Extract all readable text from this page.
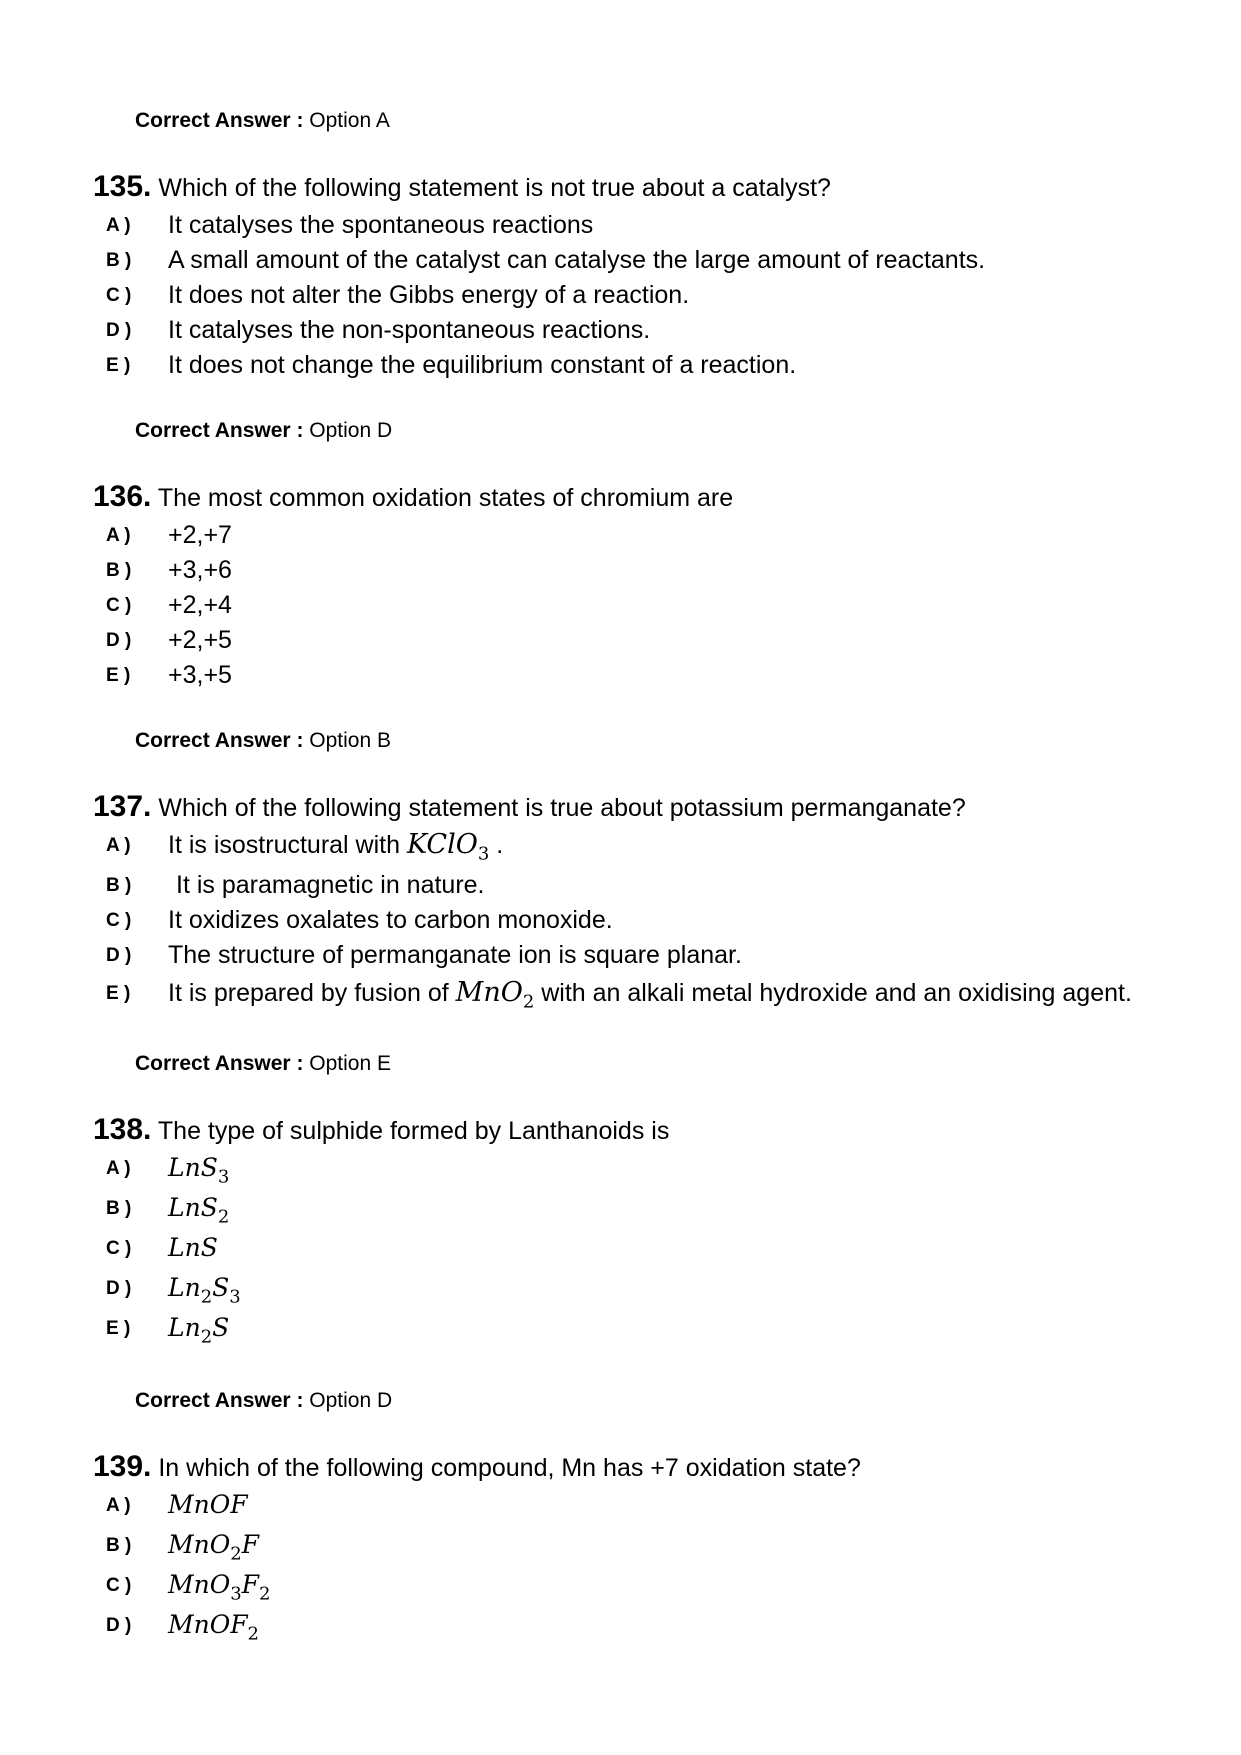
Correct Answer : Option A
135. Which of the following statement is not true about a catalyst?
A ) It catalyses the spontaneous reactions
B ) A small amount of the catalyst can catalyse the large amount of reactants.
C ) It does not alter the Gibbs energy of a reaction.
D ) It catalyses the non-spontaneous reactions.
E ) It does not change the equilibrium constant of a reaction.
Correct Answer : Option D
136. The most common oxidation states of chromium are
A ) +2,+7
B ) +3,+6
C ) +2,+4
D ) +2,+5
E ) +3,+5
Correct Answer : Option B
137. Which of the following statement is true about potassium permanganate?
A ) It is isostructural with KClO$_3$ .
B ) It is paramagnetic in nature.
C ) It oxidizes oxalates to carbon monoxide.
D ) The structure of permanganate ion is square planar.
E ) It is prepared by fusion of MnO$_2$ with an alkali metal hydroxide and an oxidising agent.
Correct Answer : Option E
138. The type of sulphide formed by Lanthanoids is
A ) LnS$_3$
B ) LnS$_2$
C ) LnS
D ) $Ln_2S_3$
E ) $Ln_2S$
Correct Answer : Option D
139. In which of the following compound, Mn has +7 oxidation state?
A ) MnOF
B ) MnO$_2$F
C ) $MnO_3F_2$
D ) MnOF$_2$
